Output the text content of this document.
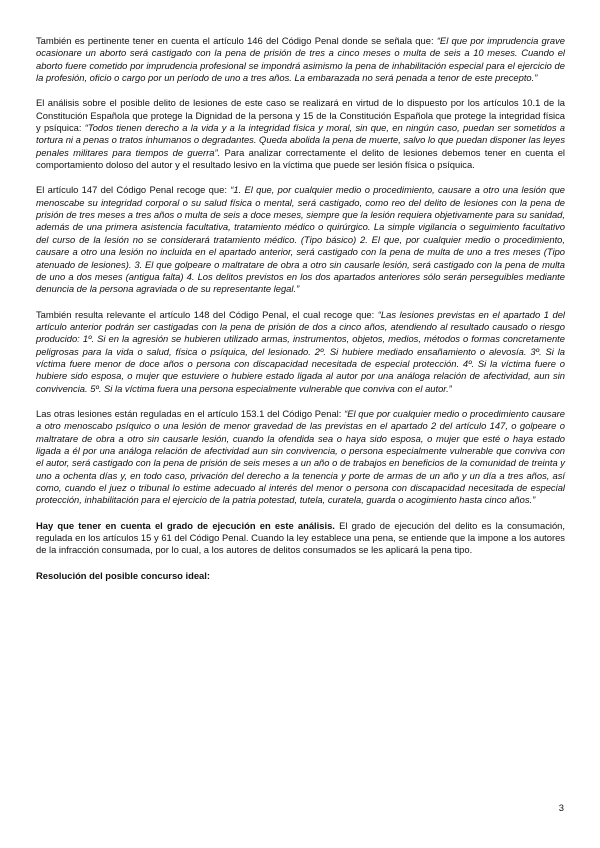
También es pertinente tener en cuenta el artículo 146 del Código Penal donde se señala que: “El que por imprudencia grave ocasionare un aborto será castigado con la pena de prisión de tres a cinco meses o multa de seis a 10 meses. Cuando el aborto fuere cometido por imprudencia profesional se impondrá asimismo la pena de inhabilitación especial para el ejercicio de la profesión, oficio o cargo por un período de uno a tres años. La embarazada no será penada a tenor de este precepto.”

El análisis sobre el posible delito de lesiones de este caso se realizará en virtud de lo dispuesto por los artículos 10.1 de la Constitución Española que protege la Dignidad de la persona y 15 de la Constitución Española que protege la integridad física y psíquica: “Todos tienen derecho a la vida y a la integridad física y moral, sin que, en ningún caso, puedan ser sometidos a tortura ni a penas o tratos inhumanos o degradantes. Queda abolida la pena de muerte, salvo lo que puedan disponer las leyes penales militares para tiempos de guerra”. Para analizar correctamente el delito de lesiones debemos tener en cuenta el comportamiento doloso del autor y el resultado lesivo en la víctima que puede ser lesión física o psíquica.

El artículo 147 del Código Penal recoge que: “1. El que, por cualquier medio o procedimiento, causare a otro una lesión que menoscabe su integridad corporal o su salud física o mental, será castigado, como reo del delito de lesiones con la pena de prisión de tres meses a tres años o multa de seis a doce meses, siempre que la lesión requiera objetivamente para su sanidad, además de una primera asistencia facultativa, tratamiento médico o quirúrgico. La simple vigilancia o seguimiento facultativo del curso de la lesión no se considerará tratamiento médico. (Tipo básico) 2. El que, por cualquier medio o procedimiento, causare a otro una lesión no incluida en el apartado anterior, será castigado con la pena de multa de uno a tres meses (Tipo atenuado de lesiones). 3. El que golpeare o maltratare de obra a otro sin causarle lesión, será castigado con la pena de multa de uno a dos meses (antigua falta) 4. Los delitos previstos en los dos apartados anteriores sólo serán perseguibles mediante denuncia de la persona agraviada o de su representante legal.”

También resulta relevante el artículo 148 del Código Penal, el cual recoge que: “Las lesiones previstas en el apartado 1 del artículo anterior podrán ser castigadas con la pena de prisión de dos a cinco años, atendiendo al resultado causado o riesgo producido: 1º. Si en la agresión se hubieren utilizado armas, instrumentos, objetos, medios, métodos o formas concretamente peligrosas para la vida o salud, física o psíquica, del lesionado. 2º. Si hubiere mediado ensañamiento o alevosía. 3º. Si la víctima fuere menor de doce años o persona con discapacidad necesitada de especial protección. 4º. Si la víctima fuere o hubiere sido esposa, o mujer que estuviere o hubiere estado ligada al autor por una análoga relación de afectividad, aun sin convivencia. 5º. Si la víctima fuera una persona especialmente vulnerable que conviva con el autor.”

Las otras lesiones están reguladas en el artículo 153.1 del Código Penal: “El que por cualquier medio o procedimiento causare a otro menoscabo psíquico o una lesión de menor gravedad de las previstas en el apartado 2 del artículo 147, o golpeare o maltratare de obra a otro sin causarle lesión, cuando la ofendida sea o haya sido esposa, o mujer que esté o haya estado ligada a él por una análoga relación de afectividad aun sin convivencia, o persona especialmente vulnerable que conviva con el autor, será castigado con la pena de prisión de seis meses a un año o de trabajos en beneficios de la comunidad de treinta y uno a ochenta días y, en todo caso, privación del derecho a la tenencia y porte de armas de un año y un día a tres años, así como, cuando el juez o tribunal lo estime adecuado al interés del menor o persona con discapacidad necesitada de especial protección, inhabilitación para el ejercicio de la patria potestad, tutela, curatela, guarda o acogimiento hasta cinco años.”

Hay que tener en cuenta el grado de ejecución en este análisis. El grado de ejecución del delito es la consumación, regulada en los artículos 15 y 61 del Código Penal. Cuando la ley establece una pena, se entiende que la impone a los autores de la infracción consumada, por lo cual, a los autores de delitos consumados se les aplicará la pena tipo.

Resolución del posible concurso ideal:

3
